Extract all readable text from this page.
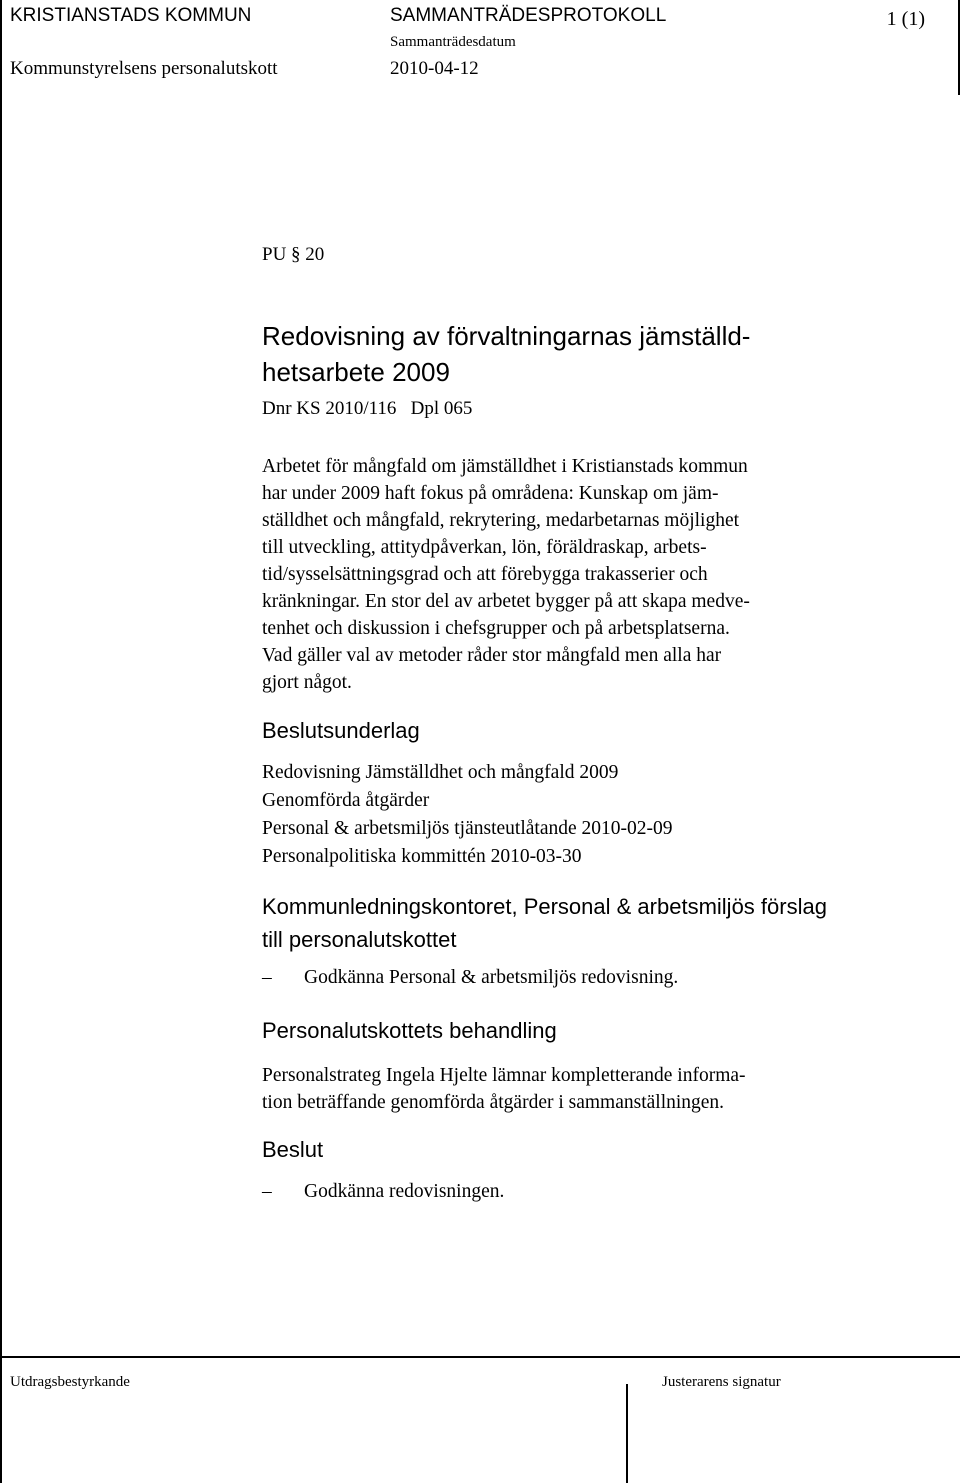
KRISTIANSTADS KOMMUN	SAMMANTRÄDESPROTOKOLL	1 (1)
Sammanträdesdatum
Kommunstyrelsens personalutskott	2010-04-12
PU § 20
Redovisning av förvaltningarnas jämställd-
hetsarbete 2009
Dnr KS 2010/116   Dpl 065
Arbetet för mångfald om jämställdhet i Kristianstads kommun
har under 2009 haft fokus på områdena: Kunskap om jäm-
ställdhet och mångfald, rekrytering, medarbetarnas möjlighet
till utveckling, attitydpåverkan, lön, föräldraskap, arbets-
tid/sysselsättningsgrad och att förebygga trakasserier och
kränkningar. En stor del av arbetet bygger på att skapa medve-
tenhet och diskussion i chefsgrupper och på arbetsplatserna.
Vad gäller val av metoder råder stor mångfald men alla har
gjort något.
Beslutsunderlag
Redovisning Jämställdhet och mångfald 2009
Genomförda åtgärder
Personal & arbetsmiljös tjänsteutlåtande 2010-02-09
Personalpolitiska kommittén 2010-03-30
Kommunledningskontoret, Personal & arbetsmiljös förslag
till personalutskottet
– Godkänna Personal & arbetsmiljös redovisning.
Personalutskottets behandling
Personalstrateg Ingela Hjelte lämnar kompletterande informa-
tion beträffande genomförda åtgärder i sammanställningen.
Beslut
– Godkänna redovisningen.
Utdragsbestyrkande	Justerarens signatur
